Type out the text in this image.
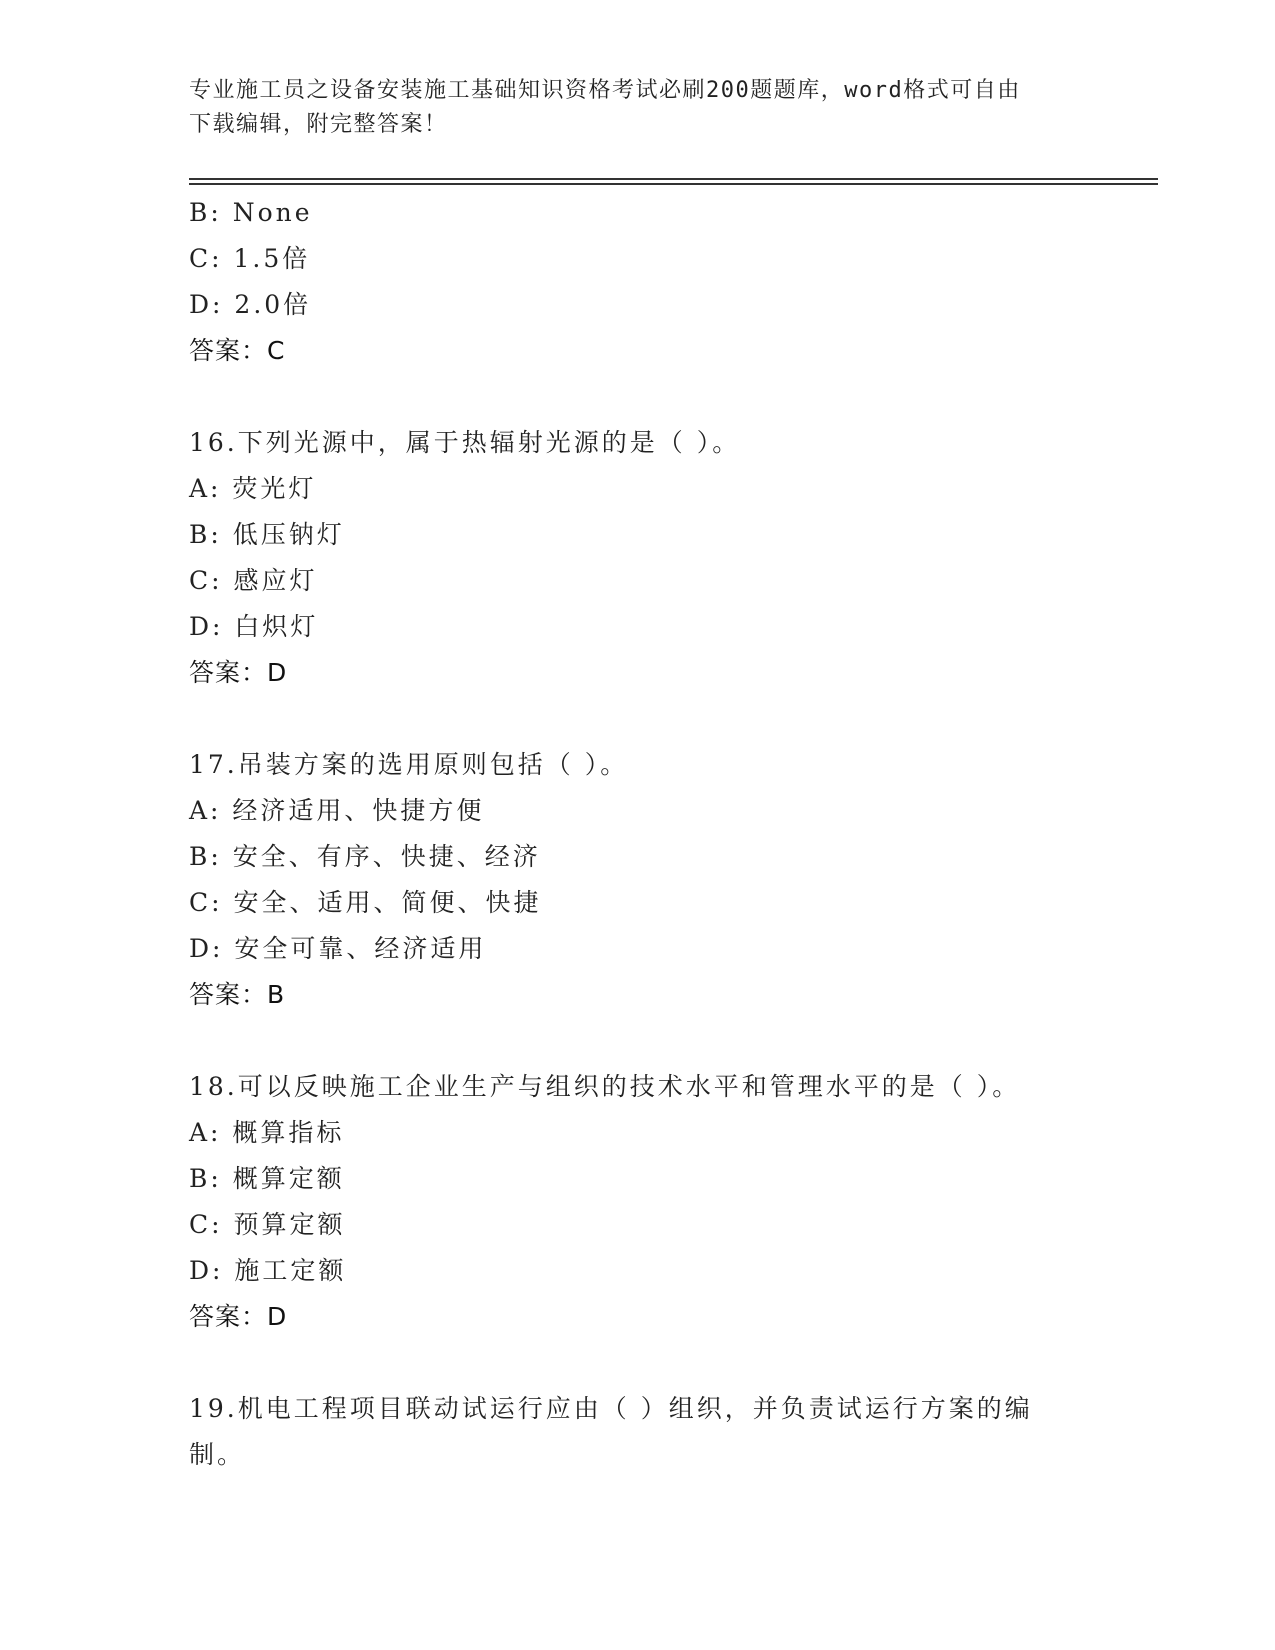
专业施工员之设备安装施工基础知识资格考试必刷200题题库，word格式可自由
下载编辑，附完整答案！
B: None
C: 1.5倍
D: 2.0倍
答案：C
16.下列光源中，属于热辐射光源的是（ ）。
A: 荧光灯
B: 低压钠灯
C: 感应灯
D: 白炽灯
答案：D
17.吊装方案的选用原则包括（ ）。
A: 经济适用、快捷方便
B: 安全、有序、快捷、经济
C: 安全、适用、简便、快捷
D: 安全可靠、经济适用
答案：B
18.可以反映施工企业生产与组织的技术水平和管理水平的是（ ）。
A: 概算指标
B: 概算定额
C: 预算定额
D: 施工定额
答案：D
19.机电工程项目联动试运行应由（ ）组织，并负责试运行方案的编
制。
